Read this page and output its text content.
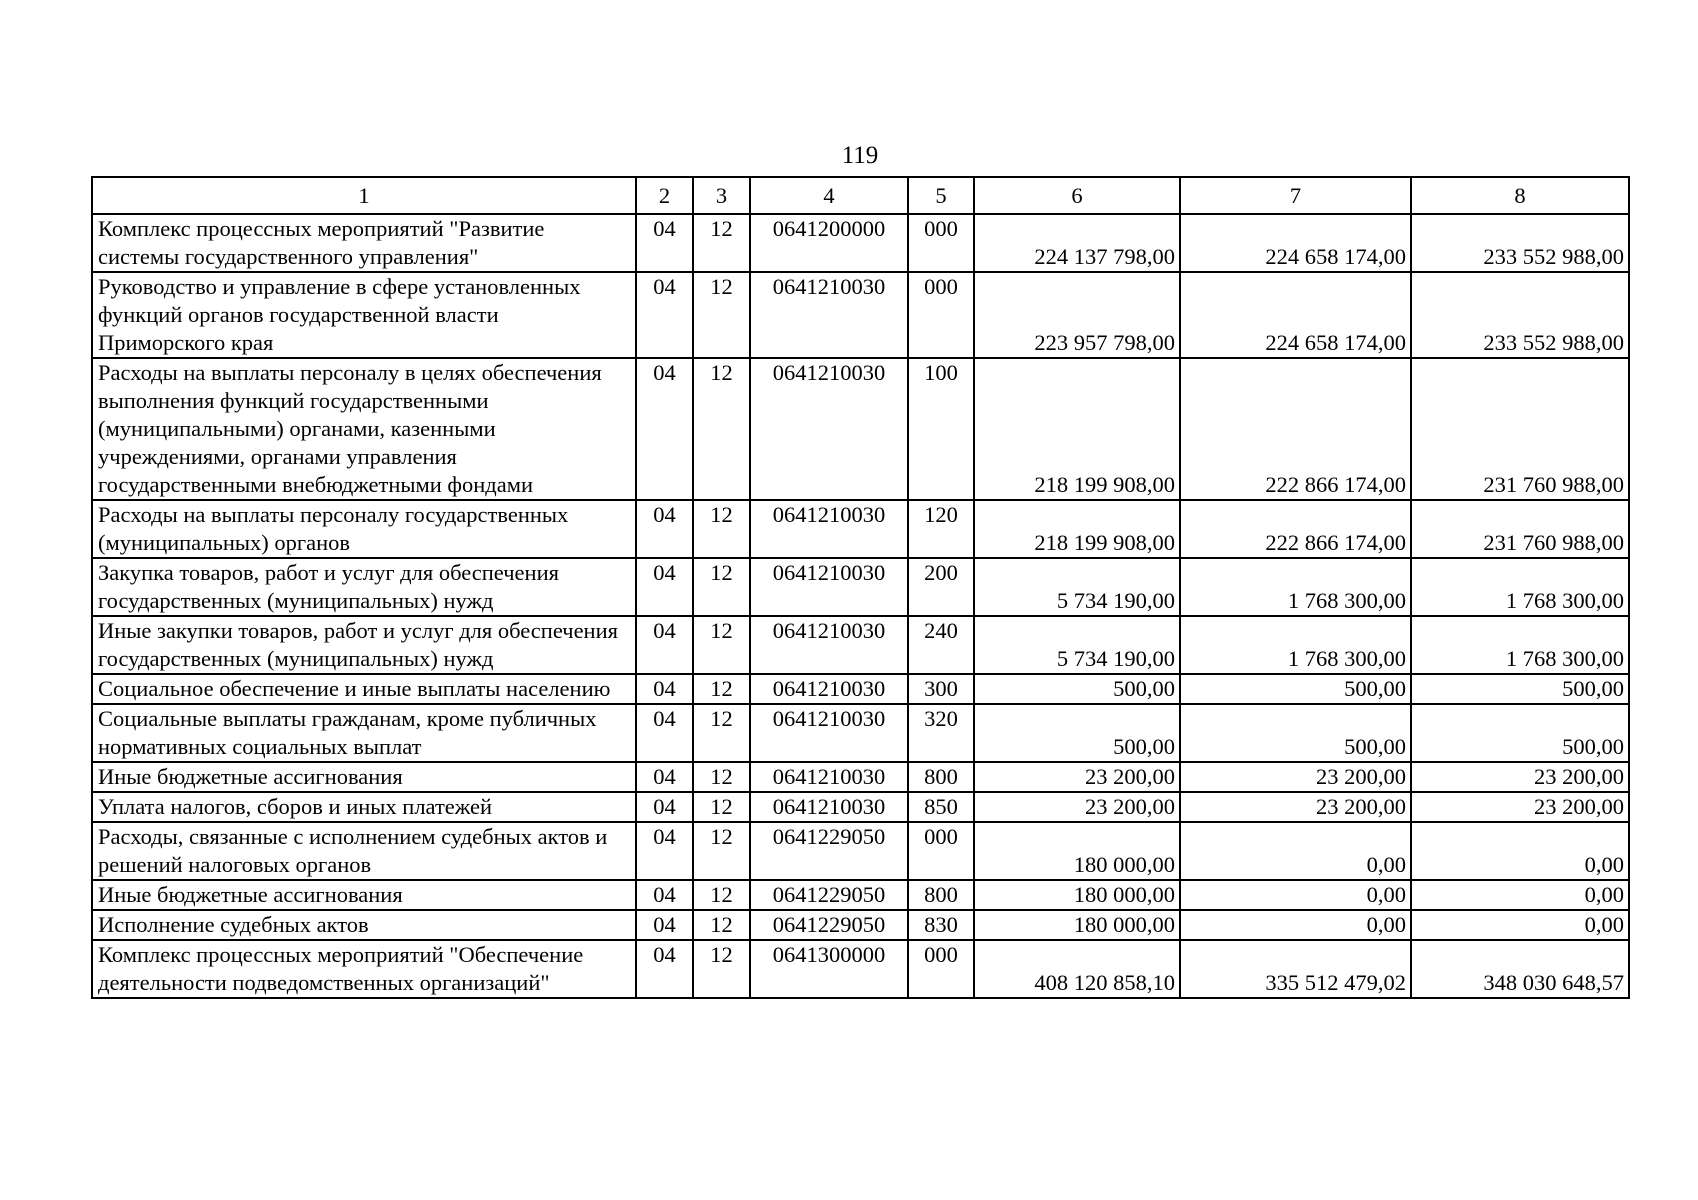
119
1	2	3	4	5	6	7	8
Комплекс процессных мероприятий "Развитие системы государственного управления"	04	12	0641200000	000	224 137 798,00	224 658 174,00	233 552 988,00
Руководство и управление в сфере установленных функций органов государственной власти Приморского края	04	12	0641210030	000	223 957 798,00	224 658 174,00	233 552 988,00
Расходы на выплаты персоналу в целях обеспечения выполнения функций государственными (муниципальными) органами, казенными учреждениями, органами управления государственными внебюджетными фондами	04	12	0641210030	100	218 199 908,00	222 866 174,00	231 760 988,00
Расходы на выплаты персоналу государственных (муниципальных) органов	04	12	0641210030	120	218 199 908,00	222 866 174,00	231 760 988,00
Закупка товаров, работ и услуг для обеспечения государственных (муниципальных) нужд	04	12	0641210030	200	5 734 190,00	1 768 300,00	1 768 300,00
Иные закупки товаров, работ и услуг для обеспечения государственных (муниципальных) нужд	04	12	0641210030	240	5 734 190,00	1 768 300,00	1 768 300,00
Социальное обеспечение и иные выплаты населению	04	12	0641210030	300	500,00	500,00	500,00
Социальные выплаты гражданам, кроме публичных нормативных социальных выплат	04	12	0641210030	320	500,00	500,00	500,00
Иные бюджетные ассигнования	04	12	0641210030	800	23 200,00	23 200,00	23 200,00
Уплата налогов, сборов и иных платежей	04	12	0641210030	850	23 200,00	23 200,00	23 200,00
Расходы, связанные с исполнением судебных актов и решений налоговых органов	04	12	0641229050	000	180 000,00	0,00	0,00
Иные бюджетные ассигнования	04	12	0641229050	800	180 000,00	0,00	0,00
Исполнение судебных актов	04	12	0641229050	830	180 000,00	0,00	0,00
Комплекс процессных мероприятий "Обеспечение деятельности подведомственных организаций"	04	12	0641300000	000	408 120 858,10	335 512 479,02	348 030 648,57
